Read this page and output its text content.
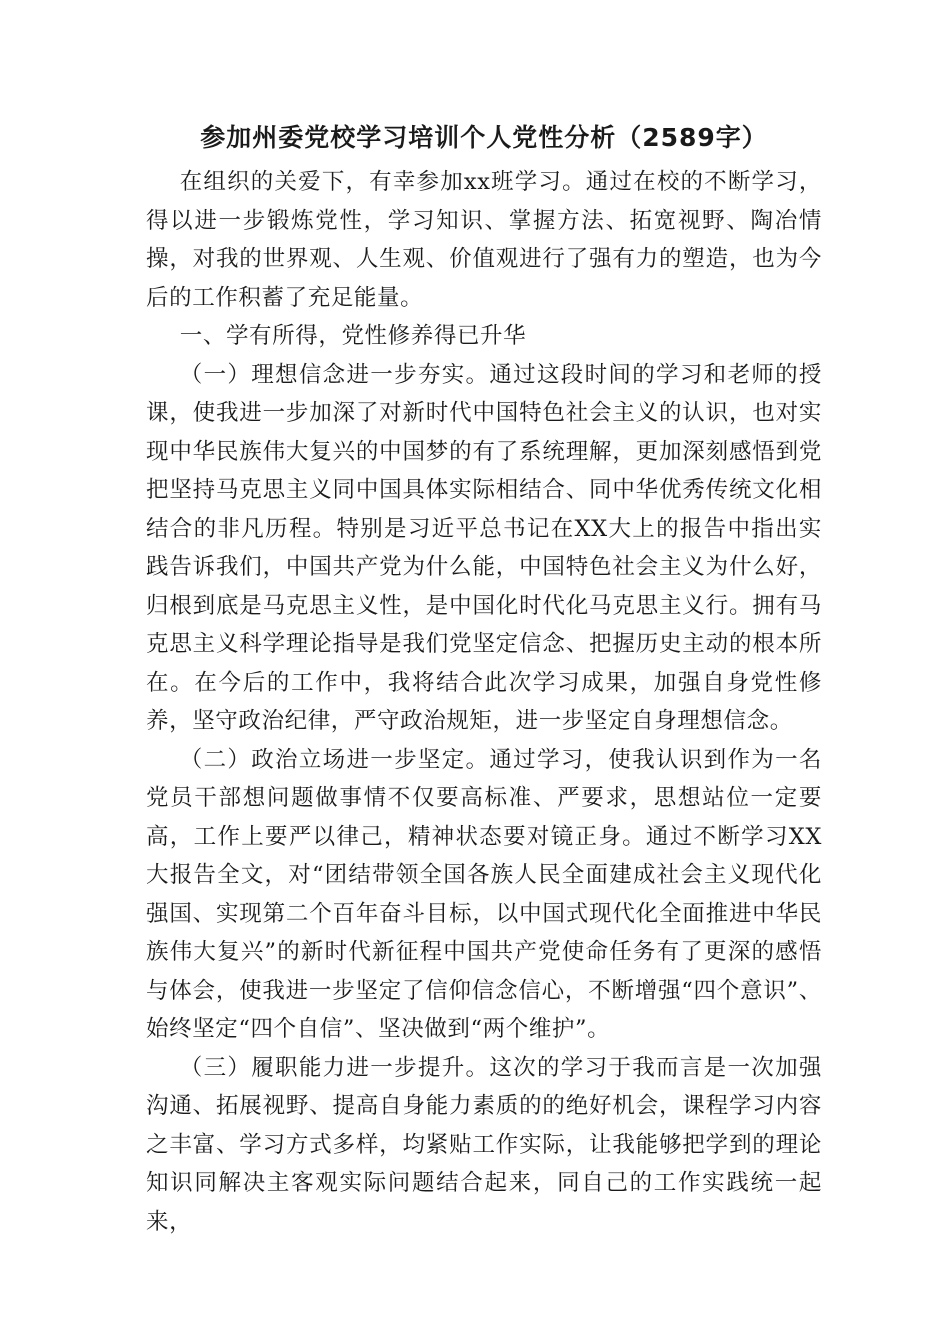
参加州委党校学习培训个人党性分析（2589字）

在组织的关爱下，有幸参加xx班学习。通过在校的不断学习，得以进一步锻炼党性，学习知识、掌握方法、拓宽视野、陶冶情操，对我的世界观、人生观、价值观进行了强有力的塑造，也为今后的工作积蓄了充足能量。

一、学有所得，党性修养得已升华

（一）理想信念进一步夯实。通过这段时间的学习和老师的授课，使我进一步加深了对新时代中国特色社会主义的认识，也对实现中华民族伟大复兴的中国梦的有了系统理解，更加深刻感悟到党把坚持马克思主义同中国具体实际相结合、同中华优秀传统文化相结合的非凡历程。特别是习近平总书记在XX大上的报告中指出实践告诉我们，中国共产党为什么能，中国特色社会主义为什么好，归根到底是马克思主义性，是中国化时代化马克思主义行。拥有马克思主义科学理论指导是我们党坚定信念、把握历史主动的根本所在。在今后的工作中，我将结合此次学习成果，加强自身党性修养，坚守政治纪律，严守政治规矩，进一步坚定自身理想信念。

（二）政治立场进一步坚定。通过学习，使我认识到作为一名党员干部想问题做事情不仅要高标准、严要求，思想站位一定要高，工作上要严以律己，精神状态要对镜正身。通过不断学习XX大报告全文，对“团结带领全国各族人民全面建成社会主义现代化强国、实现第二个百年奋斗目标，以中国式现代化全面推进中华民族伟大复兴”的新时代新征程中国共产党使命任务有了更深的感悟与体会，使我进一步坚定了信仰信念信心，不断增强“四个意识”、始终坚定“四个自信”、坚决做到“两个维护”。

（三）履职能力进一步提升。这次的学习于我而言是一次加强沟通、拓展视野、提高自身能力素质的的绝好机会，课程学习内容之丰富、学习方式多样，均紧贴工作实际，让我能够把学到的理论知识同解决主客观实际问题结合起来，同自己的工作实践统一起来，
